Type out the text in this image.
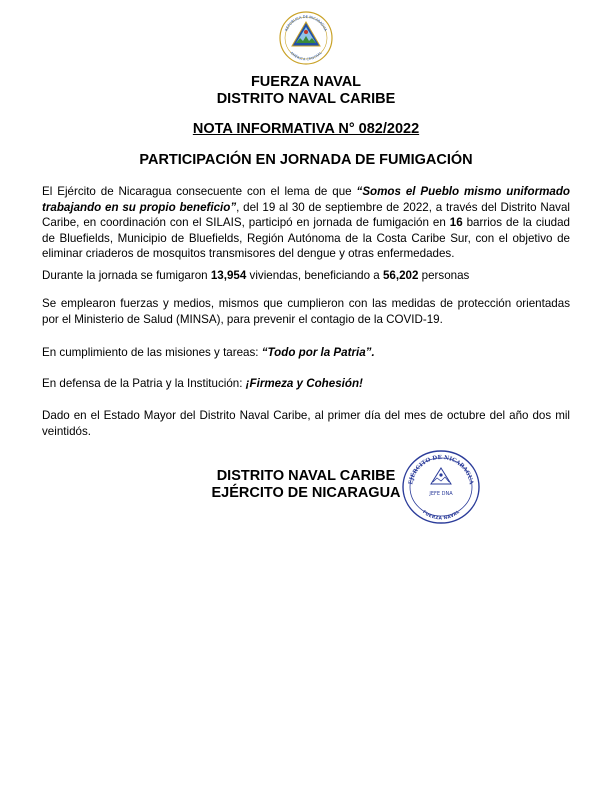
REPÚBLICA DE NICARAGUA
AMÉRICA CENTRAL
FUERZA NAVAL
DISTRITO NAVAL CARIBE
NOTA INFORMATIVA N° 082/2022
PARTICIPACIÓN EN JORNADA DE FUMIGACIÓN

El Ejército de Nicaragua consecuente con el lema de que “Somos el Pueblo mismo uniformado trabajando en su propio beneficio”, del 19 al 30 de septiembre de 2022, a través del Distrito Naval Caribe, en coordinación con el SILAIS, participó en jornada de fumigación en 16 barrios de la ciudad de Bluefields, Municipio de Bluefields, Región Autónoma de la Costa Caribe Sur, con el objetivo de eliminar criaderos de mosquitos transmisores del dengue y otras enfermedades.

Durante la jornada se fumigaron 13,954 viviendas, beneficiando a 56,202 personas

Se emplearon fuerzas y medios, mismos que cumplieron con las medidas de protección orientadas por el Ministerio de Salud (MINSA), para prevenir el contagio de la COVID-19.

En cumplimiento de las misiones y tareas: “Todo por la Patria”.

En defensa de la Patria y la Institución: ¡Firmeza y Cohesión!

Dado en el Estado Mayor del Distrito Naval Caribe, al primer día del mes de octubre del año dos mil veintidós.

DISTRITO NAVAL CARIBE
EJÉRCITO DE NICARAGUA
EJÉRCITO DE NICARAGUA
JEFE DNA
FUERZA NAVAL
